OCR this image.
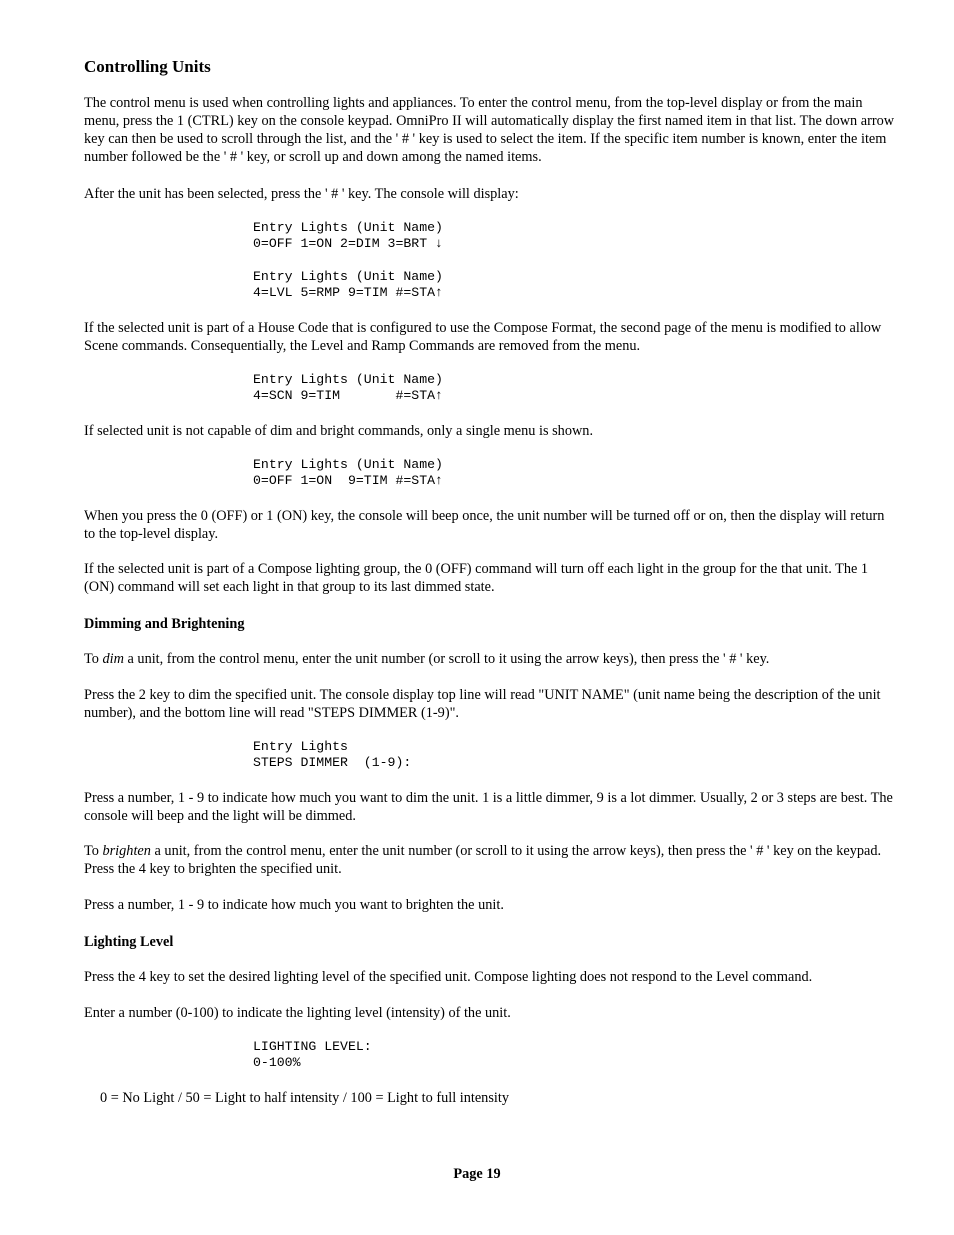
Controlling Units

The control menu is used when controlling lights and appliances. To enter the control menu, from the top-level display or from the main menu, press the 1 (CTRL) key on the console keypad. OmniPro II will automatically display the first named item in that list. The down arrow key can then be used to scroll through the list, and the ' # ' key is used to select the item. If the specific item number is known, enter the item number followed be the ' # ' key, or scroll up and down among the named items.

After the unit has been selected, press the ' # ' key. The console will display:

Entry Lights (Unit Name)
0=OFF 1=ON 2=DIM 3=BRT ↓
Entry Lights (Unit Name)
4=LVL 5=RMP 9=TIM #=STA↑

If the selected unit is part of a House Code that is configured to use the Compose Format, the second page of the menu is modified to allow Scene commands. Consequentially, the Level and Ramp Commands are removed from the menu.

Entry Lights (Unit Name)
4=SCN 9=TIM       #=STA↑

If selected unit is not capable of dim and bright commands, only a single menu is shown.

Entry Lights (Unit Name)
0=OFF 1=ON  9=TIM #=STA↑

When you press the 0 (OFF) or 1 (ON) key, the console will beep once, the unit number will be turned off or on, then the display will return to the top-level display.

If the selected unit is part of a Compose lighting group, the 0 (OFF) command will turn off each light in the group for the that unit. The 1 (ON) command will set each light in that group to its last dimmed state.

Dimming and Brightening

To dim a unit, from the control menu, enter the unit number (or scroll to it using the arrow keys), then press the ' # ' key.

Press the 2 key to dim the specified unit. The console display top line will read "UNIT NAME" (unit name being the description of the unit number), and the bottom line will read "STEPS DIMMER (1-9)".

Entry Lights
STEPS DIMMER  (1-9):

Press a number, 1 - 9 to indicate how much you want to dim the unit. 1 is a little dimmer, 9 is a lot dimmer. Usually, 2 or 3 steps are best. The console will beep and the light will be dimmed.

To brighten a unit, from the control menu, enter the unit number (or scroll to it using the arrow keys), then press the ' # ' key on the keypad. Press the 4 key to brighten the specified unit.

Press a number, 1 - 9 to indicate how much you want to brighten the unit.

Lighting Level

Press the 4 key to set the desired lighting level of the specified unit. Compose lighting does not respond to the Level command.

Enter a number (0-100) to indicate the lighting level (intensity) of the unit.

LIGHTING LEVEL:
0-100%

0 = No Light / 50 = Light to half intensity / 100 = Light to full intensity

Page 19
